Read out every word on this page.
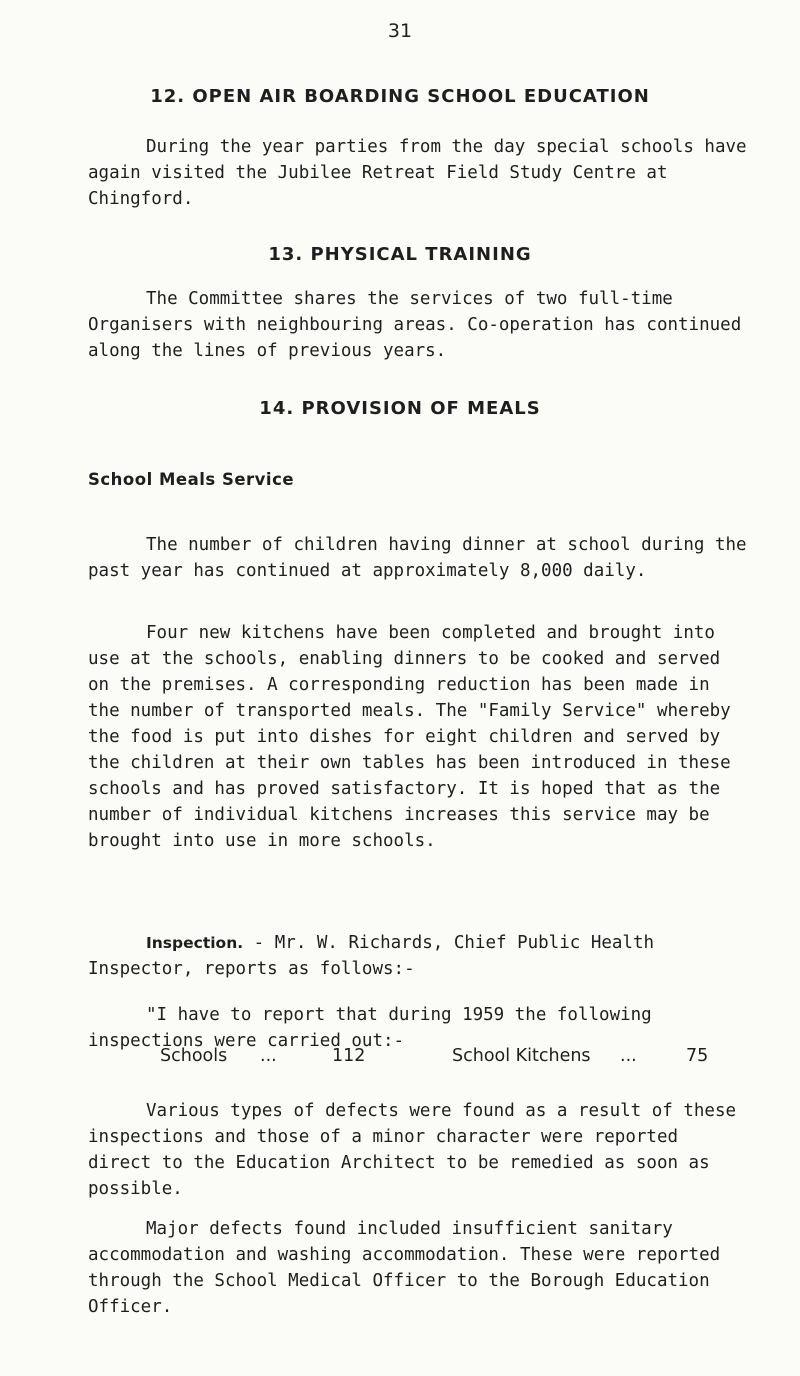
31
12. OPEN AIR BOARDING SCHOOL EDUCATION

During the year parties from the day special schools have again visited the Jubilee Retreat Field Study Centre at Chingford.

13. PHYSICAL TRAINING

The Committee shares the services of two full-time Organisers with neighbouring areas. Co-operation has continued along the lines of previous years.

14. PROVISION OF MEALS
School Meals Service

The number of children having dinner at school during the past year has continued at approximately 8,000 daily.

Four new kitchens have been completed and brought into use at the schools, enabling dinners to be cooked and served on the premises. A corresponding reduction has been made in the number of transported meals. The "Family Service" whereby the food is put into dishes for eight children and served by the children at their own tables has been introduced in these schools and has proved satisfactory. It is hoped that as the number of individual kitchens increases this service may be brought into use in more schools.

Inspection. - Mr. W. Richards, Chief Public Health Inspector, reports as follows:-

"I have to report that during 1959 the following inspections were carried out:-

Schools ...	112	School Kitchens ...	75

Various types of defects were found as a result of these inspections and those of a minor character were reported direct to the Education Architect to be remedied as soon as possible.

Major defects found included insufficient sanitary accommodation and washing accommodation. These were reported through the School Medical Officer to the Borough Education Officer.
